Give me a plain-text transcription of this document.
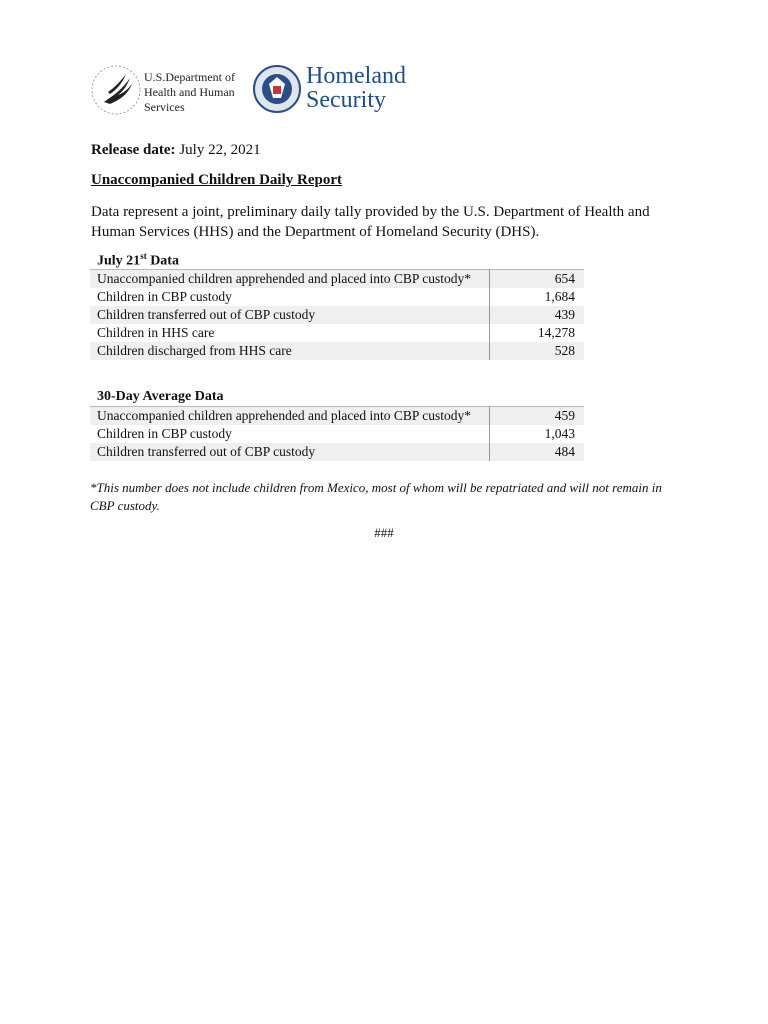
U.S.Department of
Health and Human
Services
Homeland
Security
Release date: July 22, 2021
Unaccompanied Children Daily Report
Data represent a joint, preliminary daily tally provided by the U.S. Department of Health and Human Services (HHS) and the Department of Homeland Security (DHS).
July 21st Data
Unaccompanied children apprehended and placed into CBP custody*	654
Children in CBP custody	1,684
Children transferred out of CBP custody	439
Children in HHS care	14,278
Children discharged from HHS care	528
30-Day Average Data
Unaccompanied children apprehended and placed into CBP custody*	459
Children in CBP custody	1,043
Children transferred out of CBP custody	484
*This number does not include children from Mexico, most of whom will be repatriated and will not remain in CBP custody.
###
